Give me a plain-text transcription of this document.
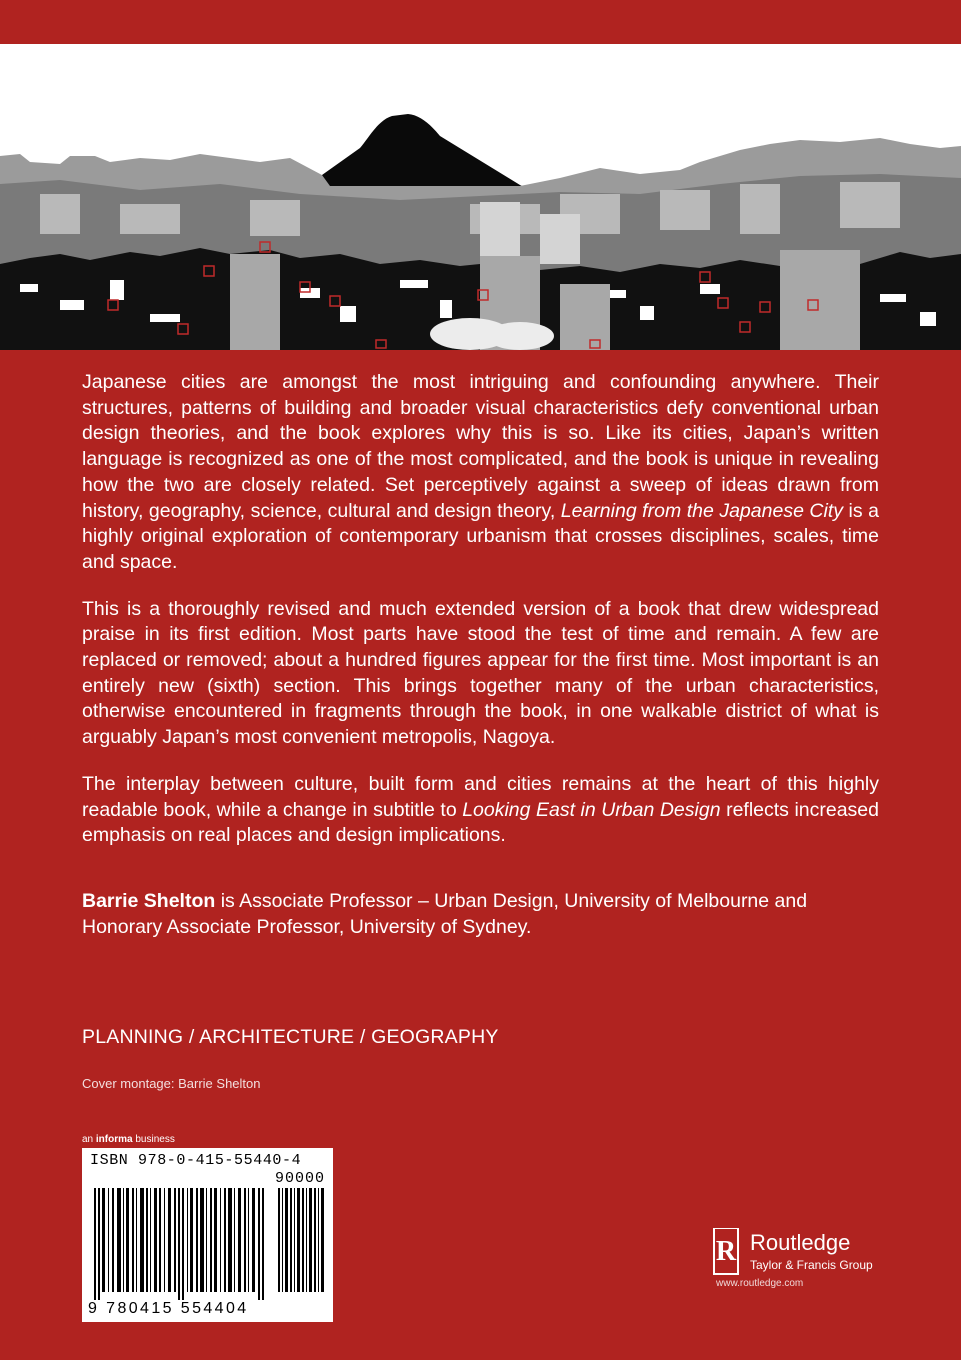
Japanese cities are amongst the most intriguing and confounding anywhere. Their structures, patterns of building and broader visual characteristics defy conventional urban design theories, and the book explores why this is so. Like its cities, Japan’s written language is recognized as one of the most complicated, and the book is unique in revealing how the two are closely related. Set perceptively against a sweep of ideas drawn from history, geography, science, cultural and design theory, Learning from the Japanese City is a highly original exploration of contemporary urbanism that crosses disciplines, scales, time and space.

This is a thoroughly revised and much extended version of a book that drew widespread praise in its first edition. Most parts have stood the test of time and remain. A few are replaced or removed; about a hundred figures appear for the first time. Most important is an entirely new (sixth) section. This brings together many of the urban characteristics, otherwise encountered in fragments through the book, in one walkable district of what is arguably Japan’s most convenient metropolis, Nagoya.

The interplay between culture, built form and cities remains at the heart of this highly readable book, while a change in subtitle to Looking East in Urban Design reflects increased emphasis on real places and design implications.

Barrie Shelton is Associate Professor – Urban Design, University of Melbourne and Honorary Associate Professor, University of Sydney.

PLANNING / ARCHITECTURE / GEOGRAPHY
Cover montage: Barrie Shelton
an informa business
ISBN 978-0-415-55440-4
90000
9 780415 554404
R Routledge
Taylor & Francis Group
www.routledge.com
